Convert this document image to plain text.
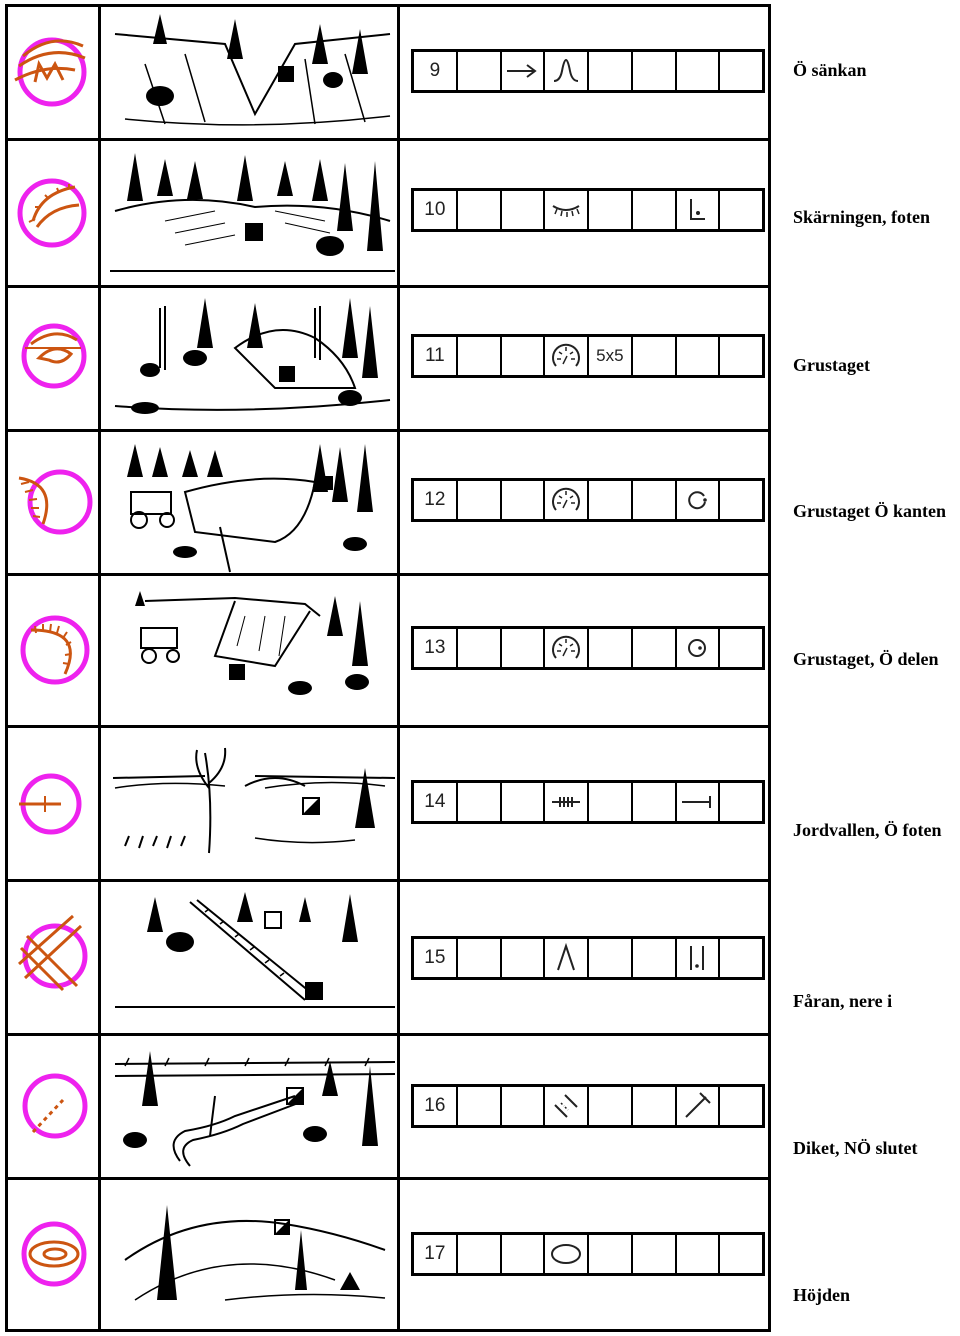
9
10
11	5x5
12
13
14
15
16
17
Ö sänkan
Skärningen, foten
Grustaget
Grustaget Ö kanten
Grustaget, Ö delen
Jordvallen, Ö foten
Fåran, nere i
Diket, NÖ slutet
Höjden
